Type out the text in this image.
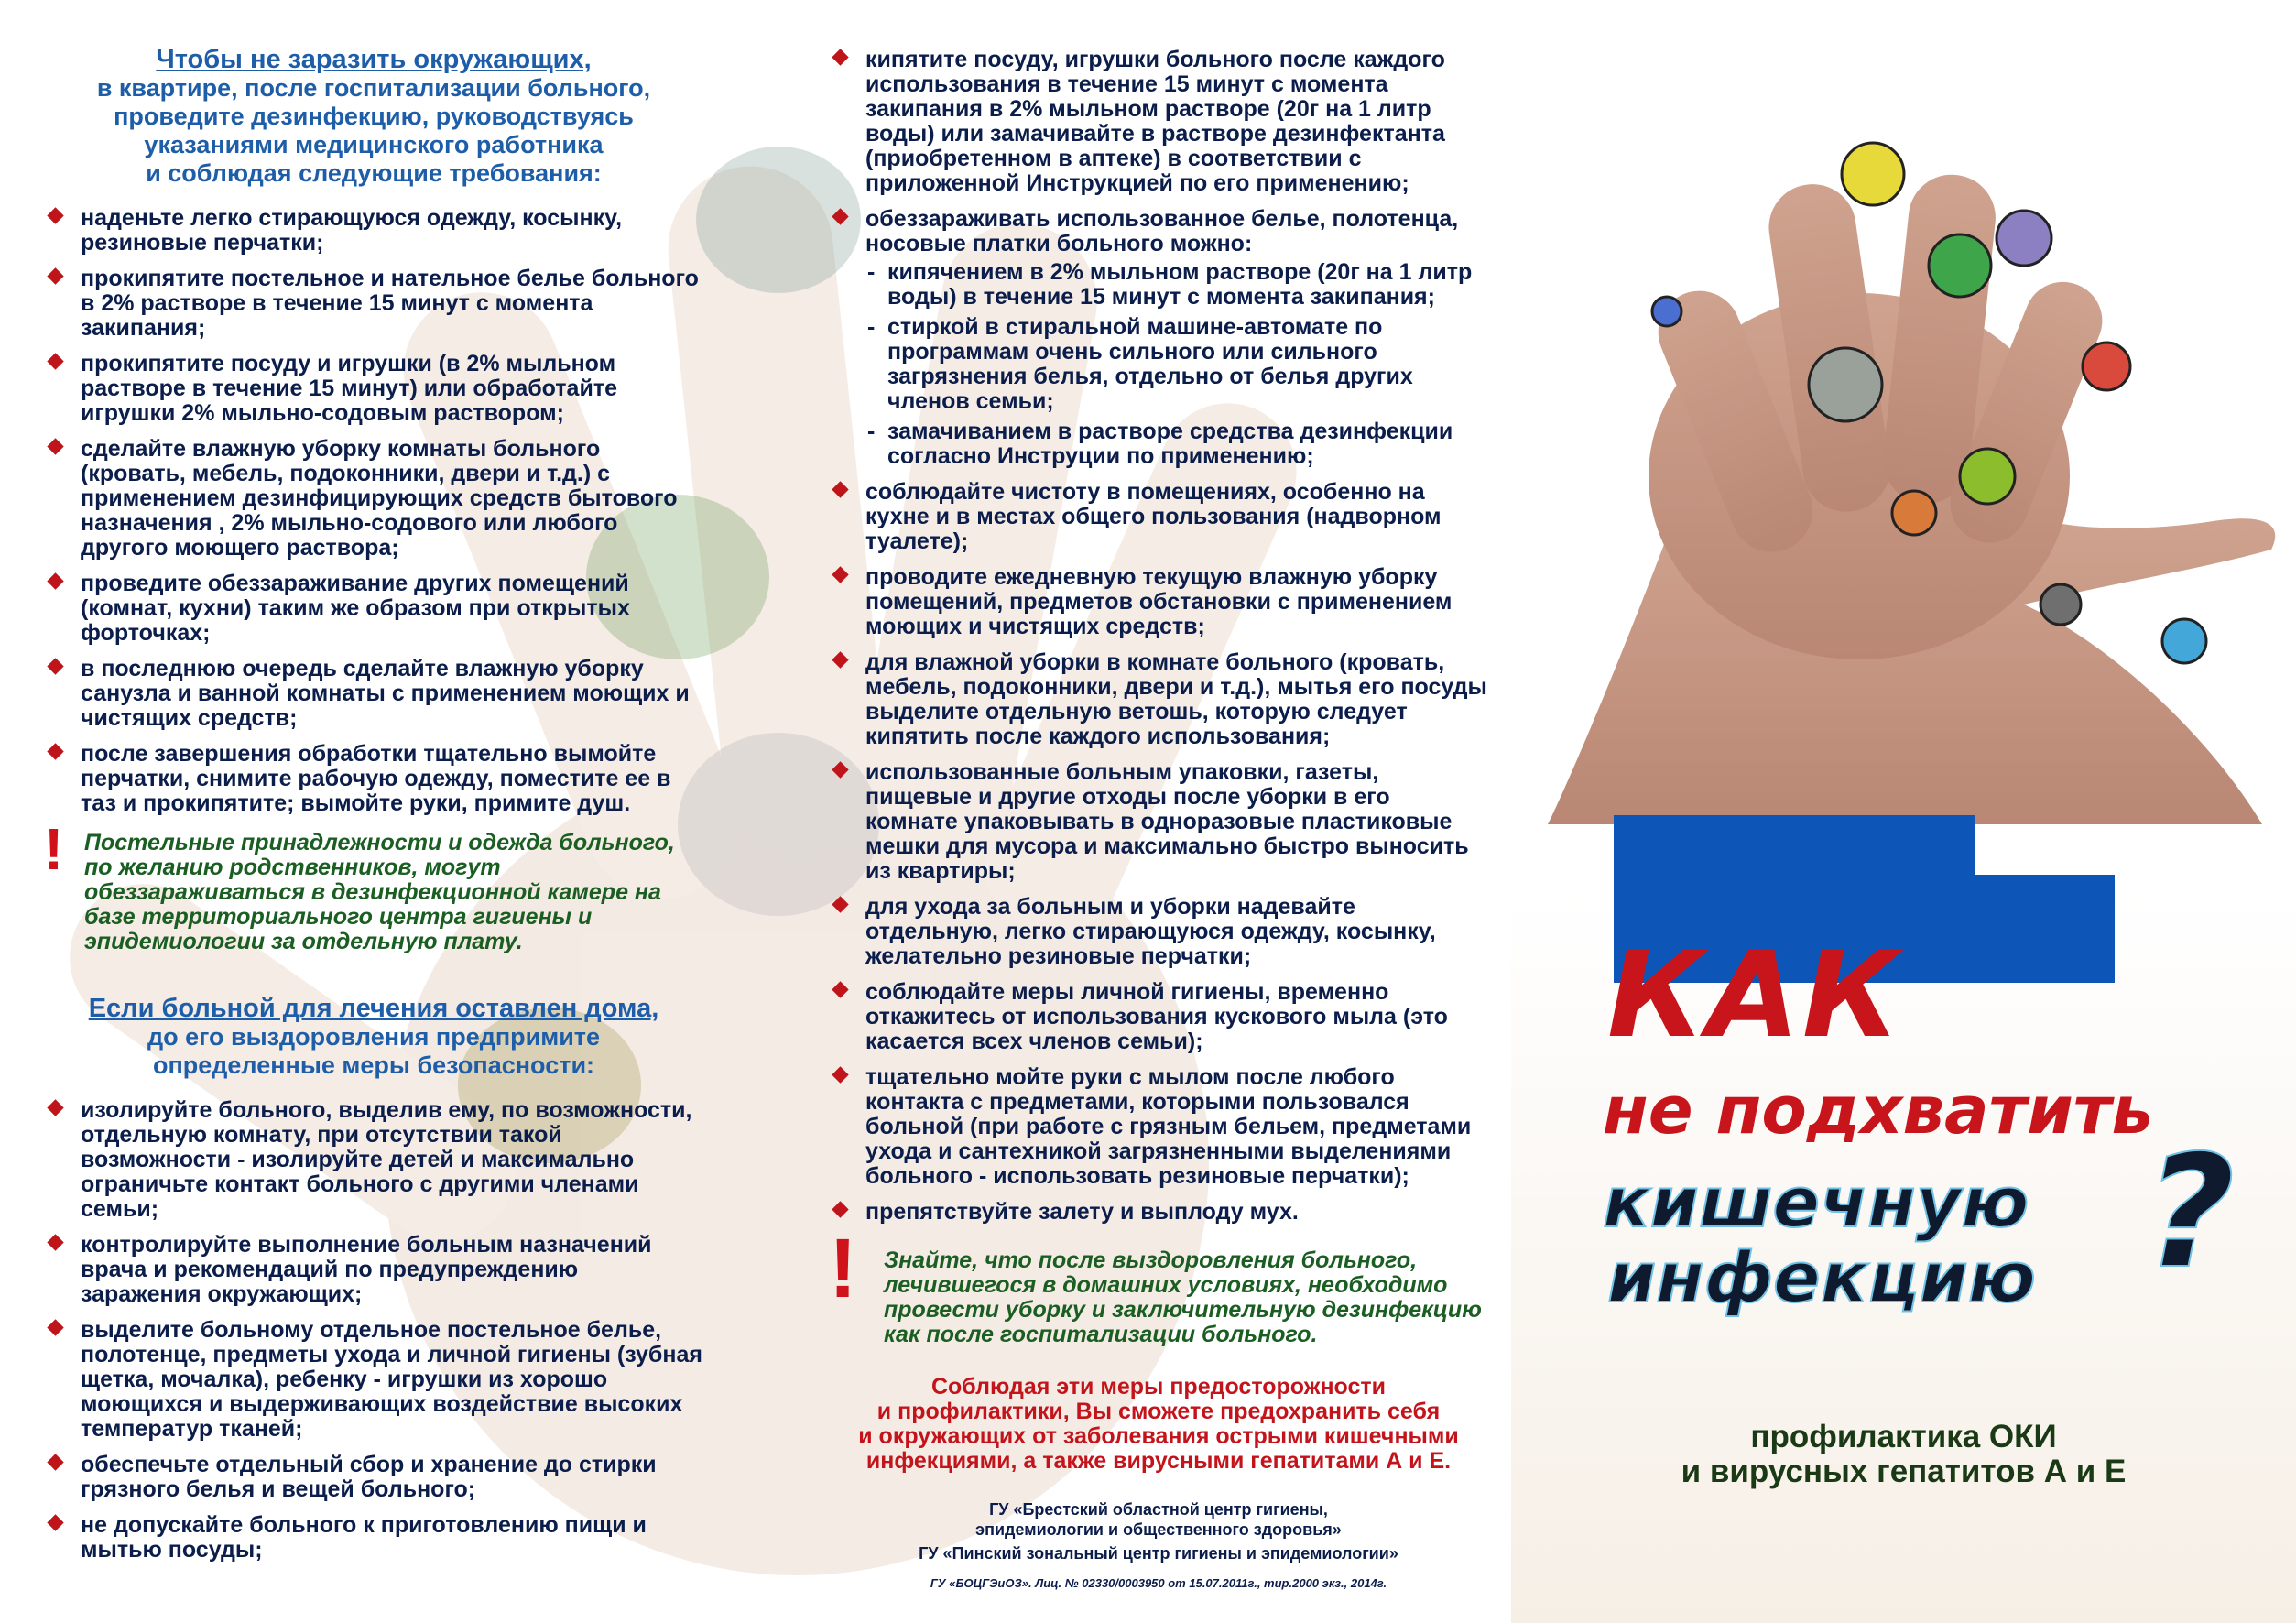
Чтобы не заразить окружающих,
в квартире, после госпитализации больного,
проведите дезинфекцию, руководствуясь
указаниями медицинского работника
и соблюдая следующие требования:
наденьте легко стирающуюся одежду, косынку, резиновые перчатки;
прокипятите постельное и нательное белье больного в 2% растворе в течение 15 минут с момента закипания;
прокипятите посуду и игрушки (в 2% мыльном растворе в течение 15 минут) или обработайте игрушки 2% мыльно-содовым раствором;
сделайте влажную уборку комнаты больного (кровать, мебель, подоконники, двери и т.д.) с применением дезинфицирующих средств бытового назначения , 2% мыльно-содового или любого другого моющего раствора;
проведите обеззараживание других помещений (комнат, кухни) таким же образом при открытых форточках;
в последнюю очередь сделайте влажную уборку санузла и ванной комнаты с применением моющих и чистящих средств;
после завершения обработки тщательно вымойте перчатки, снимите рабочую одежду, поместите ее в таз и прокипятите; вымойте руки, примите душ.
! Постельные принадлежности и одежда больного, по желанию родственников, могут обеззараживаться в дезинфекционной камере на базе территориального центра гигиены и эпидемиологии за отдельную плату.
Если больной для лечения оставлен дома,
до его выздоровления предпримите
определенные меры безопасности:
изолируйте больного, выделив ему, по возможности, отдельную комнату, при отсутствии такой возможности - изолируйте детей и максимально ограничьте контакт больного с другими членами семьи;
контролируйте выполнение больным назначений врача и рекомендаций по предупреждению заражения окружающих;
выделите больному отдельное постельное белье, полотенце, предметы ухода и личной гигиены (зубная щетка, мочалка), ребенку - игрушки из хорошо моющихся и выдерживающих воздействие высоких температур тканей;
обеспечьте отдельный сбор и хранение до стирки грязного белья и вещей больного;
не допускайте больного к приготовлению пищи и мытью посуды;
кипятите посуду, игрушки больного после каждого использования в течение 15 минут с момента закипания в 2% мыльном растворе (20г на 1 литр воды) или замачивайте в растворе дезинфектанта (приобретенном в аптеке) в соответствии с приложенной Инструкцией по его применению;
обеззараживать использованное белье, полотенца, носовые платки больного можно:
- кипячением в 2% мыльном растворе (20г на 1 литр воды) в течение 15 минут с момента закипания;
- стиркой в стиральной машине-автомате по программам очень сильного или сильного загрязнения белья, отдельно от белья других членов семьи;
- замачиванием в растворе средства дезинфекции согласно Инструции по применению;
соблюдайте чистоту в помещениях, особенно на кухне и в местах общего пользования (надворном туалете);
проводите ежедневную текущую влажную уборку помещений, предметов обстановки с применением моющих и чистящих средств;
для влажной уборки в комнате больного (кровать, мебель, подоконники, двери и т.д.), мытья его посуды выделите отдельную ветошь, которую следует кипятить после каждого использования;
использованные больным упаковки, газеты, пищевые и другие отходы после уборки в его комнате упаковывать в одноразовые пластиковые мешки для мусора и максимально быстро выносить из квартиры;
для ухода за больным и уборки надевайте отдельную, легко стирающуюся одежду, косынку, желательно резиновые перчатки;
соблюдайте меры личной гигиены, временно откажитесь от использования кускового мыла (это касается всех членов семьи);
тщательно мойте руки с мылом после любого контакта с предметами, которыми пользовался больной (при работе с грязным бельем, предметами ухода и сантехникой загрязненными выделениями больного - использовать резиновые перчатки);
препятствуйте залету и выплоду мух.
! Знайте, что после выздоровления больного, лечившегося в домашних условиях, необходимо провести уборку и заключительную дезинфекцию как после госпитализации больного.
Соблюдая эти меры предосторожности
и профилактики, Вы сможете предохранить себя
и окружающих от заболевания острыми кишечными
инфекциями, а также вирусными гепатитами А и Е.
ГУ «Брестский областной центр гигиены,
эпидемиологии и общественного здоровья»
ГУ «Пинский зональный центр гигиены и эпидемиологии»
ГУ «БОЦГЭиОЗ». Лиц. № 02330/0003950 от 15.07.2011г., тир.2000 экз., 2014г.
КАК
не подхватить
кишечную
инфекцию ?
профилактика ОКИ
и вирусных гепатитов А и Е
